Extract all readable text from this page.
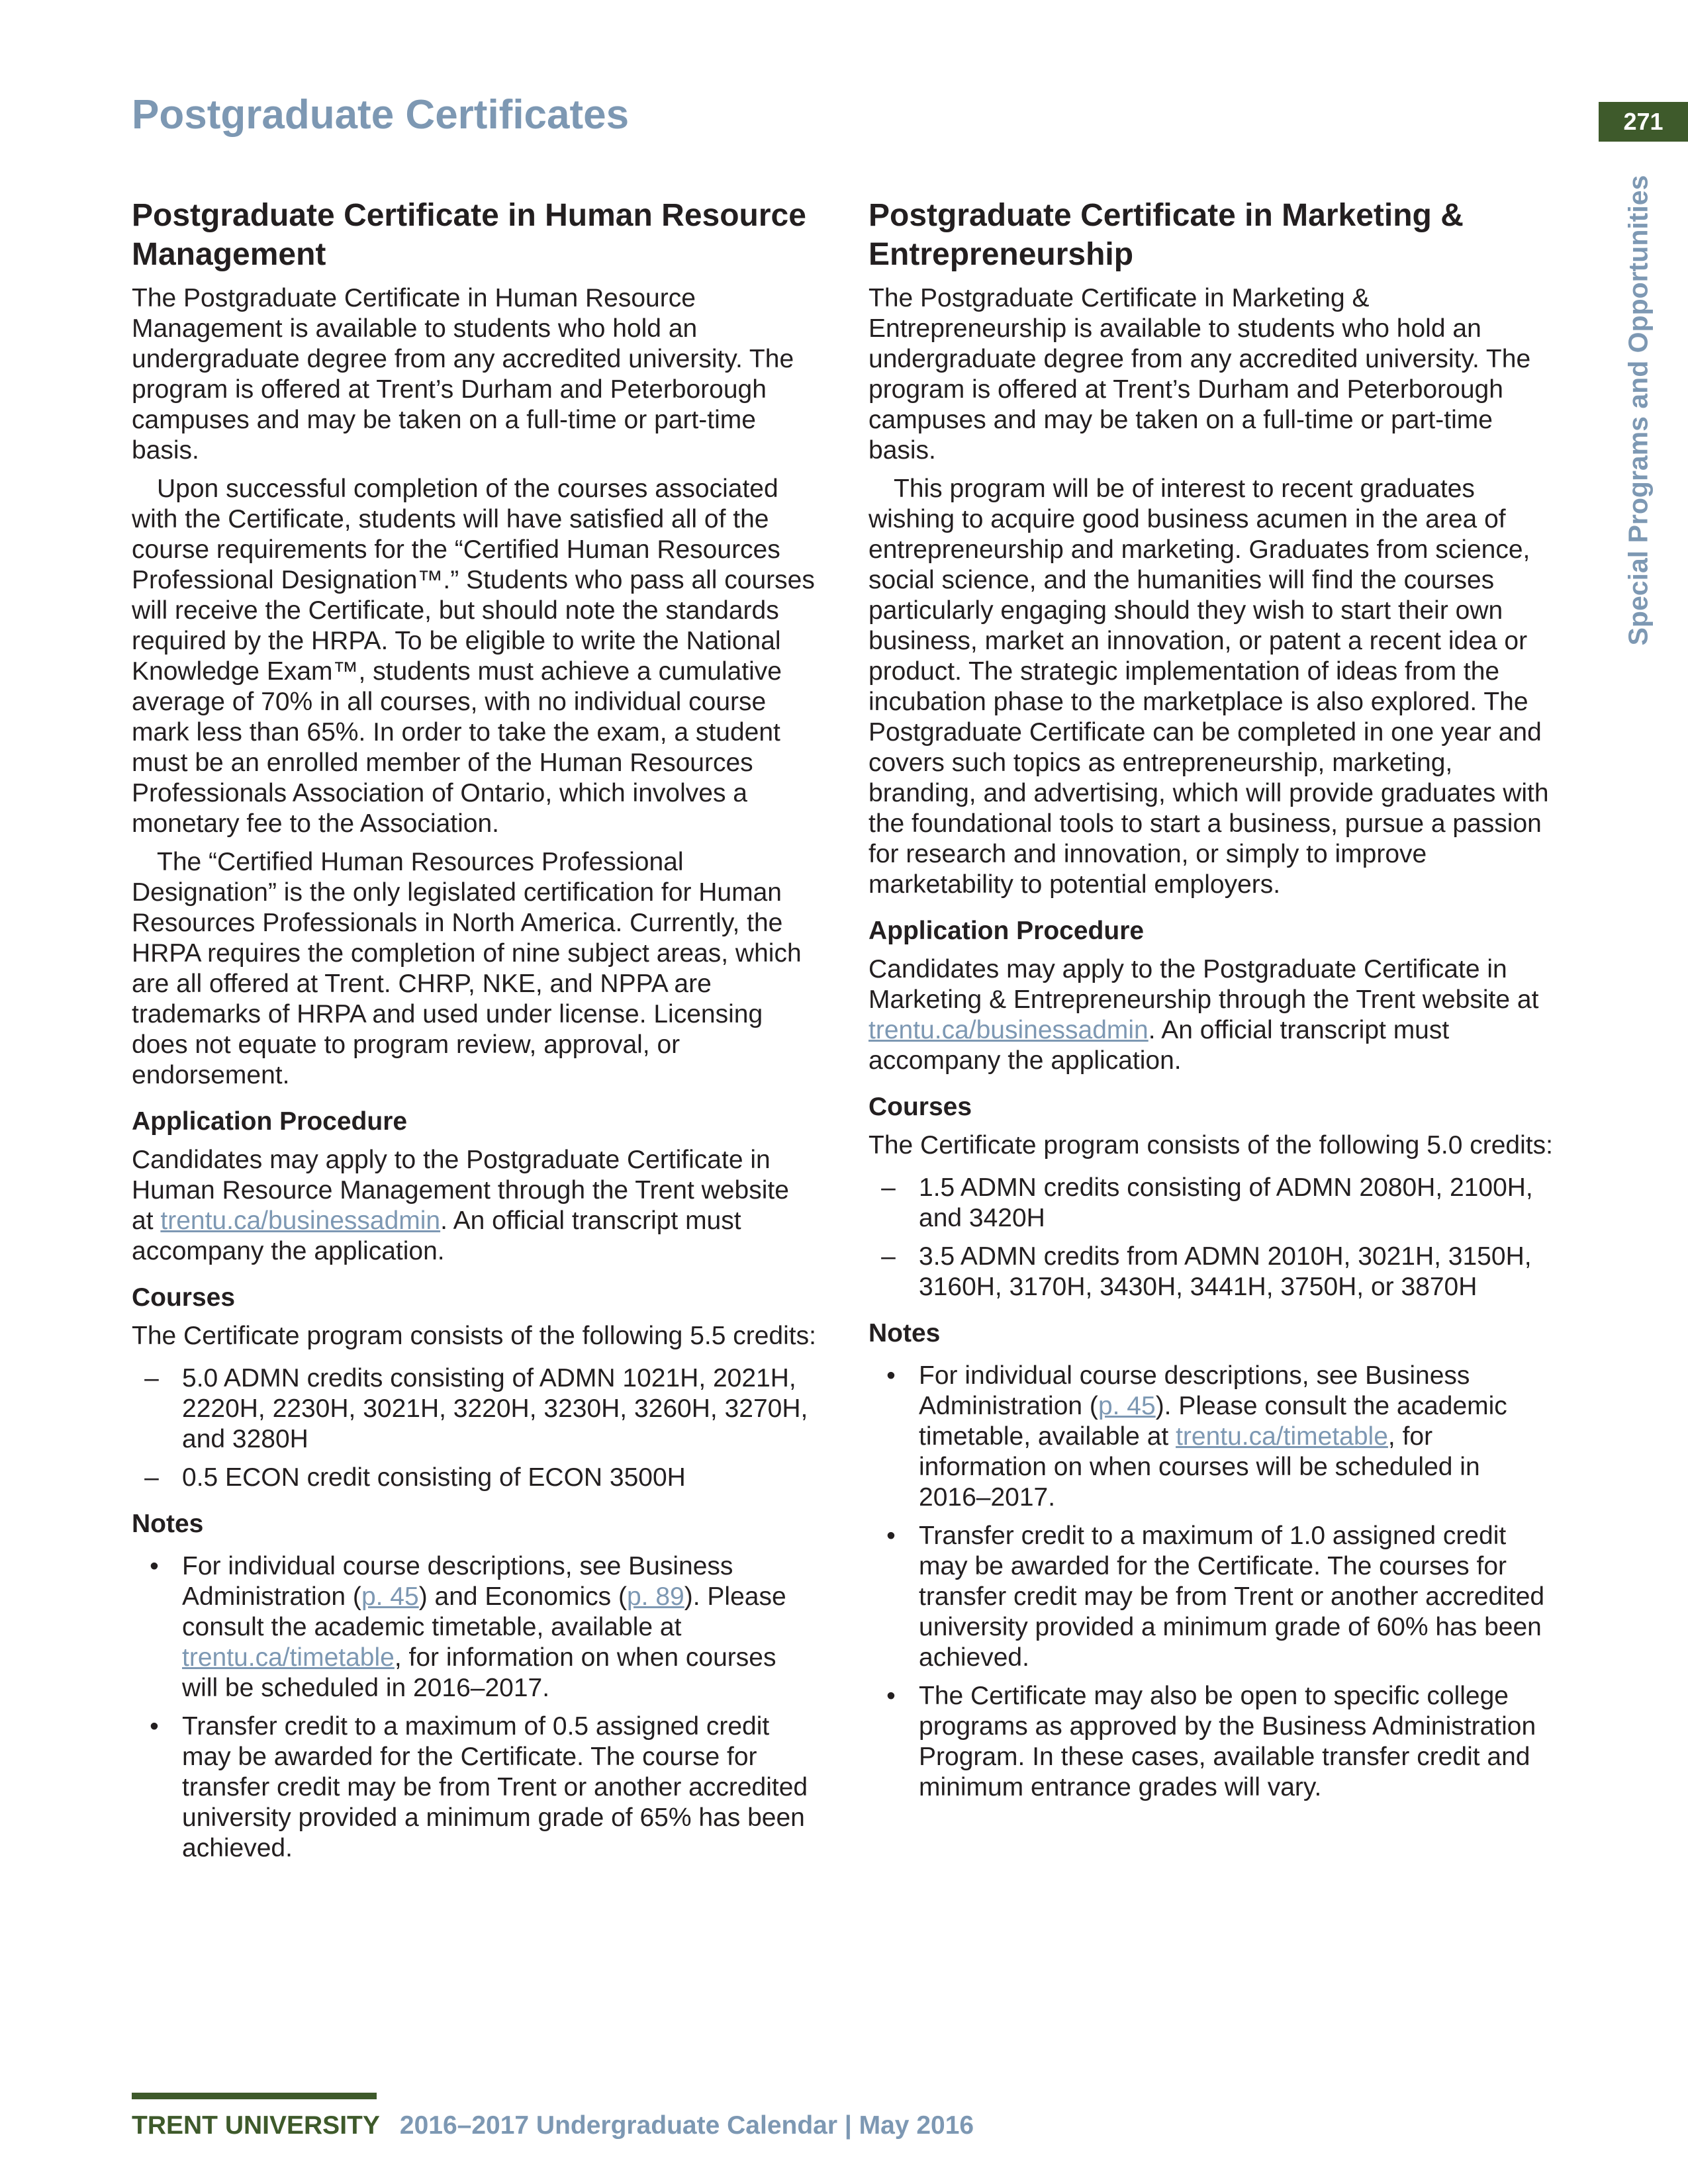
Postgraduate Certificates	271
Special Programs and Opportunities
Postgraduate Certificate in Human Resource Management

The Postgraduate Certificate in Human Resource Management is available to students who hold an undergraduate degree from any accredited university. The program is offered at Trent’s Durham and Peterborough campuses and may be taken on a full-time or part-time basis.

Upon successful completion of the courses associated with the Certificate, students will have satisfied all of the course requirements for the “Certified Human Resources Professional Designation™.” Students who pass all courses will receive the Certificate, but should note the standards required by the HRPA. To be eligible to write the National Knowledge Exam™, students must achieve a cumulative average of 70% in all courses, with no individual course mark less than 65%. In order to take the exam, a student must be an enrolled member of the Human Resources Professionals Association of Ontario, which involves a monetary fee to the Association.

The “Certified Human Resources Professional Designation” is the only legislated certification for Human Resources Professionals in North America. Currently, the HRPA requires the completion of nine subject areas, which are all offered at Trent. CHRP, NKE, and NPPA are trademarks of HRPA and used under license. Licensing does not equate to program review, approval, or endorsement.

Application Procedure

Candidates may apply to the Postgraduate Certificate in Human Resource Management through the Trent website at trentu.ca/businessadmin. An official transcript must accompany the application.

Courses

The Certificate program consists of the following 5.5 credits:

– 5.0 ADMN credits consisting of ADMN 1021H, 2021H, 2220H, 2230H, 3021H, 3220H, 3230H, 3260H, 3270H, and 3280H
– 0.5 ECON credit consisting of ECON 3500H
Notes
• For individual course descriptions, see Business Administration (p. 45) and Economics (p. 89). Please consult the academic timetable, available at trentu.ca/timetable, for information on when courses will be scheduled in 2016–2017.
• Transfer credit to a maximum of 0.5 assigned credit may be awarded for the Certificate. The course for transfer credit may be from Trent or another accredited university provided a minimum grade of 65% has been achieved.
Postgraduate Certificate in Marketing & Entrepreneurship

The Postgraduate Certificate in Marketing & Entrepreneurship is available to students who hold an undergraduate degree from any accredited university. The program is offered at Trent’s Durham and Peterborough campuses and may be taken on a full-time or part-time basis.

This program will be of interest to recent graduates wishing to acquire good business acumen in the area of entrepreneurship and marketing. Graduates from science, social science, and the humanities will find the courses particularly engaging should they wish to start their own business, market an innovation, or patent a recent idea or product. The strategic implementation of ideas from the incubation phase to the marketplace is also explored. The Postgraduate Certificate can be completed in one year and covers such topics as entrepreneurship, marketing, branding, and advertising, which will provide graduates with the foundational tools to start a business, pursue a passion for research and innovation, or simply to improve marketability to potential employers.

Application Procedure

Candidates may apply to the Postgraduate Certificate in Marketing & Entrepreneurship through the Trent website at trentu.ca/businessadmin. An official transcript must accompany the application.

Courses

The Certificate program consists of the following 5.0 credits:

– 1.5 ADMN credits consisting of ADMN 2080H, 2100H, and 3420H
– 3.5 ADMN credits from ADMN 2010H, 3021H, 3150H, 3160H, 3170H, 3430H, 3441H, 3750H, or 3870H
Notes
• For individual course descriptions, see Business Administration (p. 45). Please consult the academic timetable, available at trentu.ca/timetable, for information on when courses will be scheduled in 2016–2017.
• Transfer credit to a maximum of 1.0 assigned credit may be awarded for the Certificate. The courses for transfer credit may be from Trent or another accredited university provided a minimum grade of 60% has been achieved.
• The Certificate may also be open to specific college programs as approved by the Business Administration Program. In these cases, available transfer credit and minimum entrance grades will vary.
TRENT UNIVERSITY 2016–2017 Undergraduate Calendar | May 2016
